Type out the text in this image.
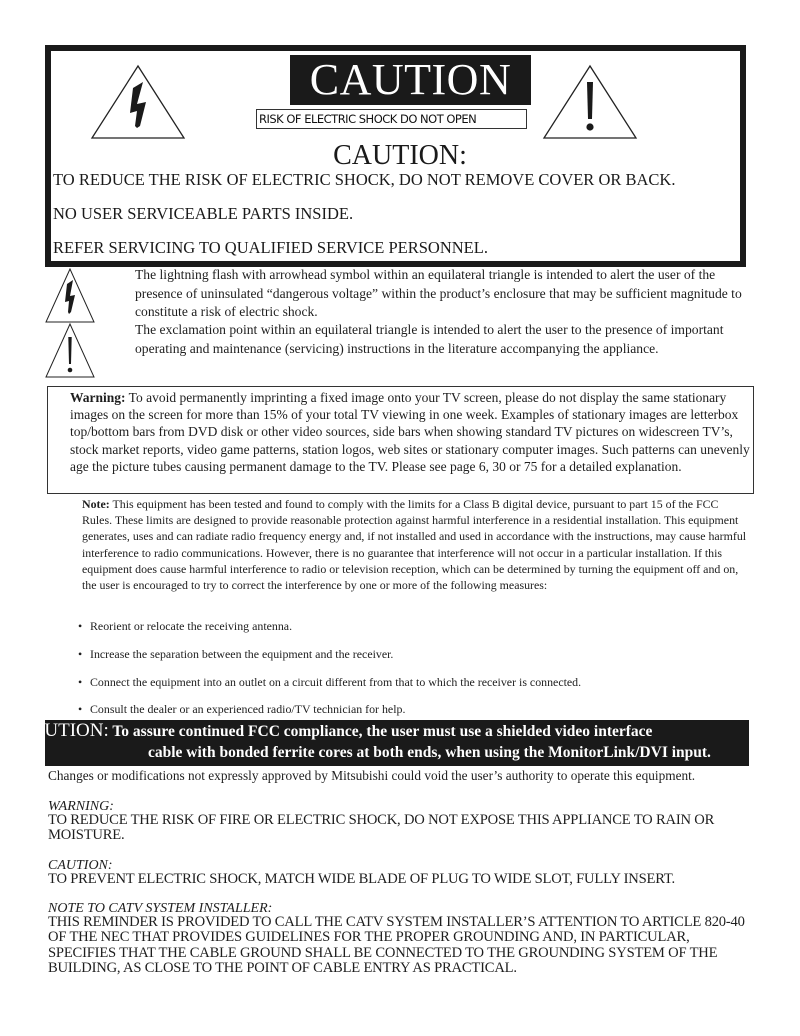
CAUTION
RISK OF ELECTRIC SHOCK DO NOT OPEN
CAUTION:
TO REDUCE THE RISK OF ELECTRIC SHOCK, DO NOT REMOVE COVER OR BACK.
NO USER SERVICEABLE PARTS INSIDE.
REFER SERVICING TO QUALIFIED SERVICE PERSONNEL.
The lightning flash with arrowhead symbol within an equilateral triangle is intended to alert the user of the presence of uninsulated “dangerous voltage” within the product’s enclosure that may be sufficient magnitude to constitute a risk of electric shock.
The exclamation point within an equilateral triangle is intended to alert the user to the presence of important operating and maintenance (servicing) instructions in the literature accompanying the appliance.
Warning: To avoid permanently imprinting a fixed image onto your TV screen, please do not display the same stationary images on the screen for more than 15% of your total TV viewing in one week. Examples of stationary images are letterbox top/bottom bars from DVD disk or other video sources, side bars when showing standard TV pictures on widescreen TV’s, stock market reports, video game patterns, station logos, web sites or stationary computer images. Such patterns can unevenly age the picture tubes causing permanent damage to the TV. Please see page 6, 30 or 75 for a detailed explanation.
Note: This equipment has been tested and found to comply with the limits for a Class B digital device, pursuant to part 15 of the FCC Rules. These limits are designed to provide reasonable protection against harmful interference in a residential installation. This equipment generates, uses and can radiate radio frequency energy and, if not installed and used in accordance with the instructions, may cause harmful interference to radio communications. However, there is no guarantee that interference will not occur in a particular installation. If this equipment does cause harmful interference to radio or television reception, which can be determined by turning the equipment off and on, the user is encouraged to try to correct the interference by one or more of the following measures:
• Reorient or relocate the receiving antenna.
• Increase the separation between the equipment and the receiver.
• Connect the equipment into an outlet on a circuit different from that to which the receiver is connected.
• Consult the dealer or an experienced radio/TV technician for help.
CAUTION: To assure continued FCC compliance, the user must use a shielded video interface
cable with bonded ferrite cores at both ends, when using the MonitorLink/DVI input.
Changes or modifications not expressly approved by Mitsubishi could void the user’s authority to operate this equipment.
WARNING:
TO REDUCE THE RISK OF FIRE OR ELECTRIC SHOCK, DO NOT EXPOSE THIS APPLIANCE TO RAIN OR MOISTURE.
CAUTION:
TO PREVENT ELECTRIC SHOCK, MATCH WIDE BLADE OF PLUG TO WIDE SLOT, FULLY INSERT.
NOTE TO CATV SYSTEM INSTALLER:
THIS REMINDER IS PROVIDED TO CALL THE CATV SYSTEM INSTALLER’S ATTENTION TO ARTICLE 820-40 OF THE NEC THAT PROVIDES GUIDELINES FOR THE PROPER GROUNDING AND, IN PARTICULAR, SPECIFIES THAT THE CABLE GROUND SHALL BE CONNECTED TO THE GROUNDING SYSTEM OF THE BUILDING, AS CLOSE TO THE POINT OF CABLE ENTRY AS PRACTICAL.
